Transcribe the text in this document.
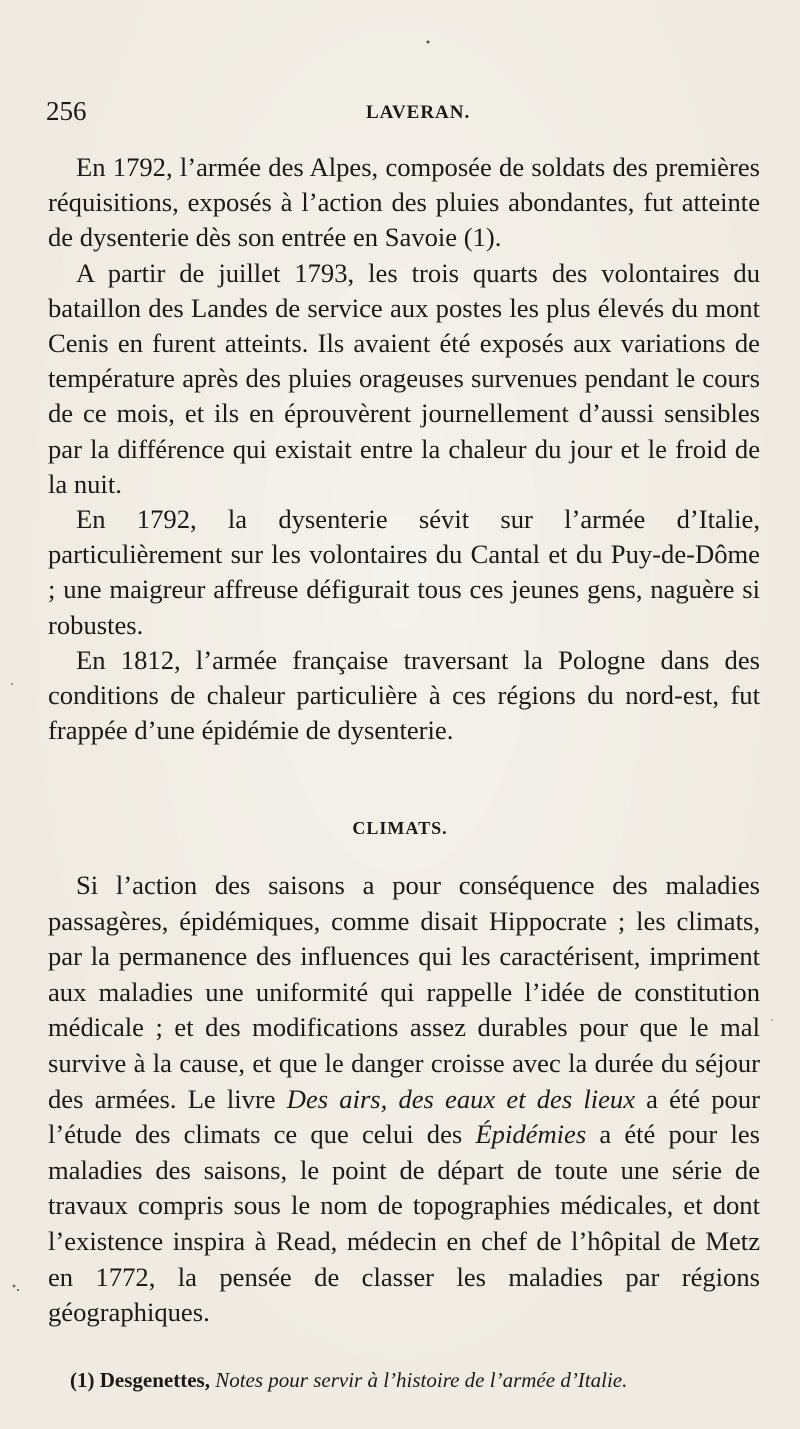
256	LAVERAN.

En 1792, l’armée des Alpes, composée de soldats des premières réquisitions, exposés à l’action des pluies abondantes, fut atteinte de dysenterie dès son entrée en Savoie (1).

A partir de juillet 1793, les trois quarts des volontaires du bataillon des Landes de service aux postes les plus élevés du mont Cenis en furent atteints. Ils avaient été exposés aux variations de température après des pluies orageuses survenues pendant le cours de ce mois, et ils en éprouvèrent journellement d’aussi sensibles par la différence qui existait entre la chaleur du jour et le froid de la nuit.

En 1792, la dysenterie sévit sur l’armée d’Italie, particulièrement sur les volontaires du Cantal et du Puy-de-Dôme ; une maigreur affreuse défigurait tous ces jeunes gens, naguère si robustes.

En 1812, l’armée française traversant la Pologne dans des conditions de chaleur particulière à ces régions du nord-est, fut frappée d’une épidémie de dysenterie.

CLIMATS.

Si l’action des saisons a pour conséquence des maladies passagères, épidémiques, comme disait Hippocrate ; les climats, par la permanence des influences qui les caractérisent, impriment aux maladies une uniformité qui rappelle l’idée de constitution médicale ; et des modifications assez durables pour que le mal survive à la cause, et que le danger croisse avec la durée du séjour des armées. Le livre Des airs, des eaux et des lieux a été pour l’étude des climats ce que celui des Épidémies a été pour les maladies des saisons, le point de départ de toute une série de travaux compris sous le nom de topographies médicales, et dont l’existence inspira à Read, médecin en chef de l’hôpital de Metz en 1772, la pensée de classer les maladies par régions géographiques.

(1) Desgenettes, Notes pour servir à l’histoire de l’armée d’Italie.
